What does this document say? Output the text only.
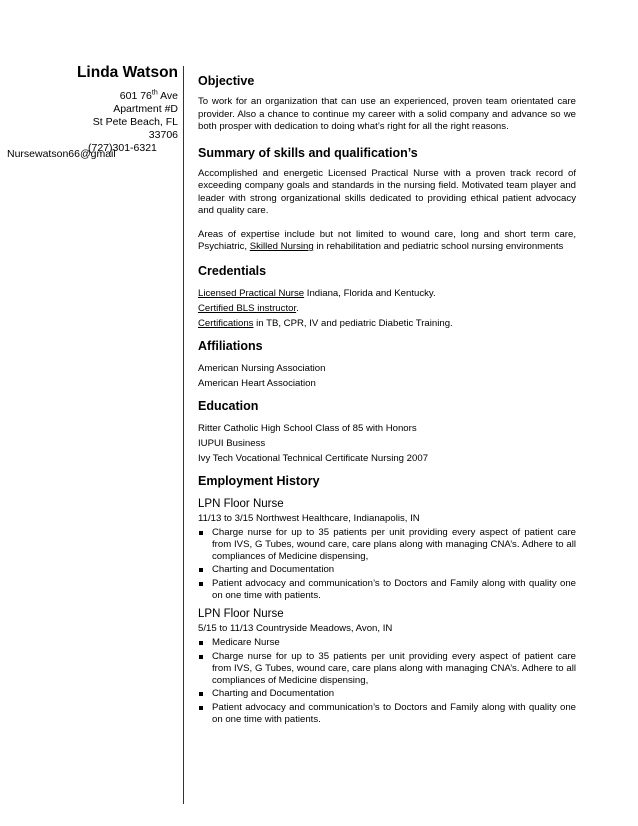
Linda Watson
601 76th Ave
Apartment #D
St Pete Beach, FL
33706
(727)301-6321
Nursewatson66@gmail
Objective

To work for an organization that can use an experienced, proven team orientated care provider. Also a chance to continue my career with a solid company and advance so we both prosper with dedication to doing what’s right for all the right reasons.

Summary of skills and qualification’s

Accomplished and energetic Licensed Practical Nurse with a proven track record of exceeding company goals and standards in the nursing field. Motivated team player and leader with strong organizational skills dedicated to providing ethical patient advocacy and quality care.

Areas of expertise include but not limited to wound care, long and short term care, Psychiatric, Skilled Nursing in rehabilitation and pediatric school nursing environments

Credentials

Licensed Practical Nurse Indiana, Florida and Kentucky.

Certified BLS instructor.

Certifications in TB, CPR, IV and pediatric Diabetic Training.

Affiliations

American Nursing Association

American Heart Association

Education

Ritter Catholic High School Class of 85 with Honors

IUPUI Business

Ivy Tech Vocational Technical Certificate Nursing 2007

Employment History
LPN Floor Nurse
11/13 to 3/15 Northwest Healthcare, Indianapolis, IN
Charge nurse for up to 35 patients per unit providing every aspect of patient care from IVS, G Tubes, wound care, care plans along with managing CNA’s. Adhere to all compliances of Medicine dispensing,
Charting and Documentation
Patient advocacy and communication’s to Doctors and Family along with quality one on one time with patients.
LPN Floor Nurse
5/15 to 11/13 Countryside Meadows, Avon, IN
Medicare Nurse
Charge nurse for up to 35 patients per unit providing every aspect of patient care from IVS, G Tubes, wound care, care plans along with managing CNA’s. Adhere to all compliances of Medicine dispensing,
Charting and Documentation
Patient advocacy and communication’s to Doctors and Family along with quality one on one time with patients.
